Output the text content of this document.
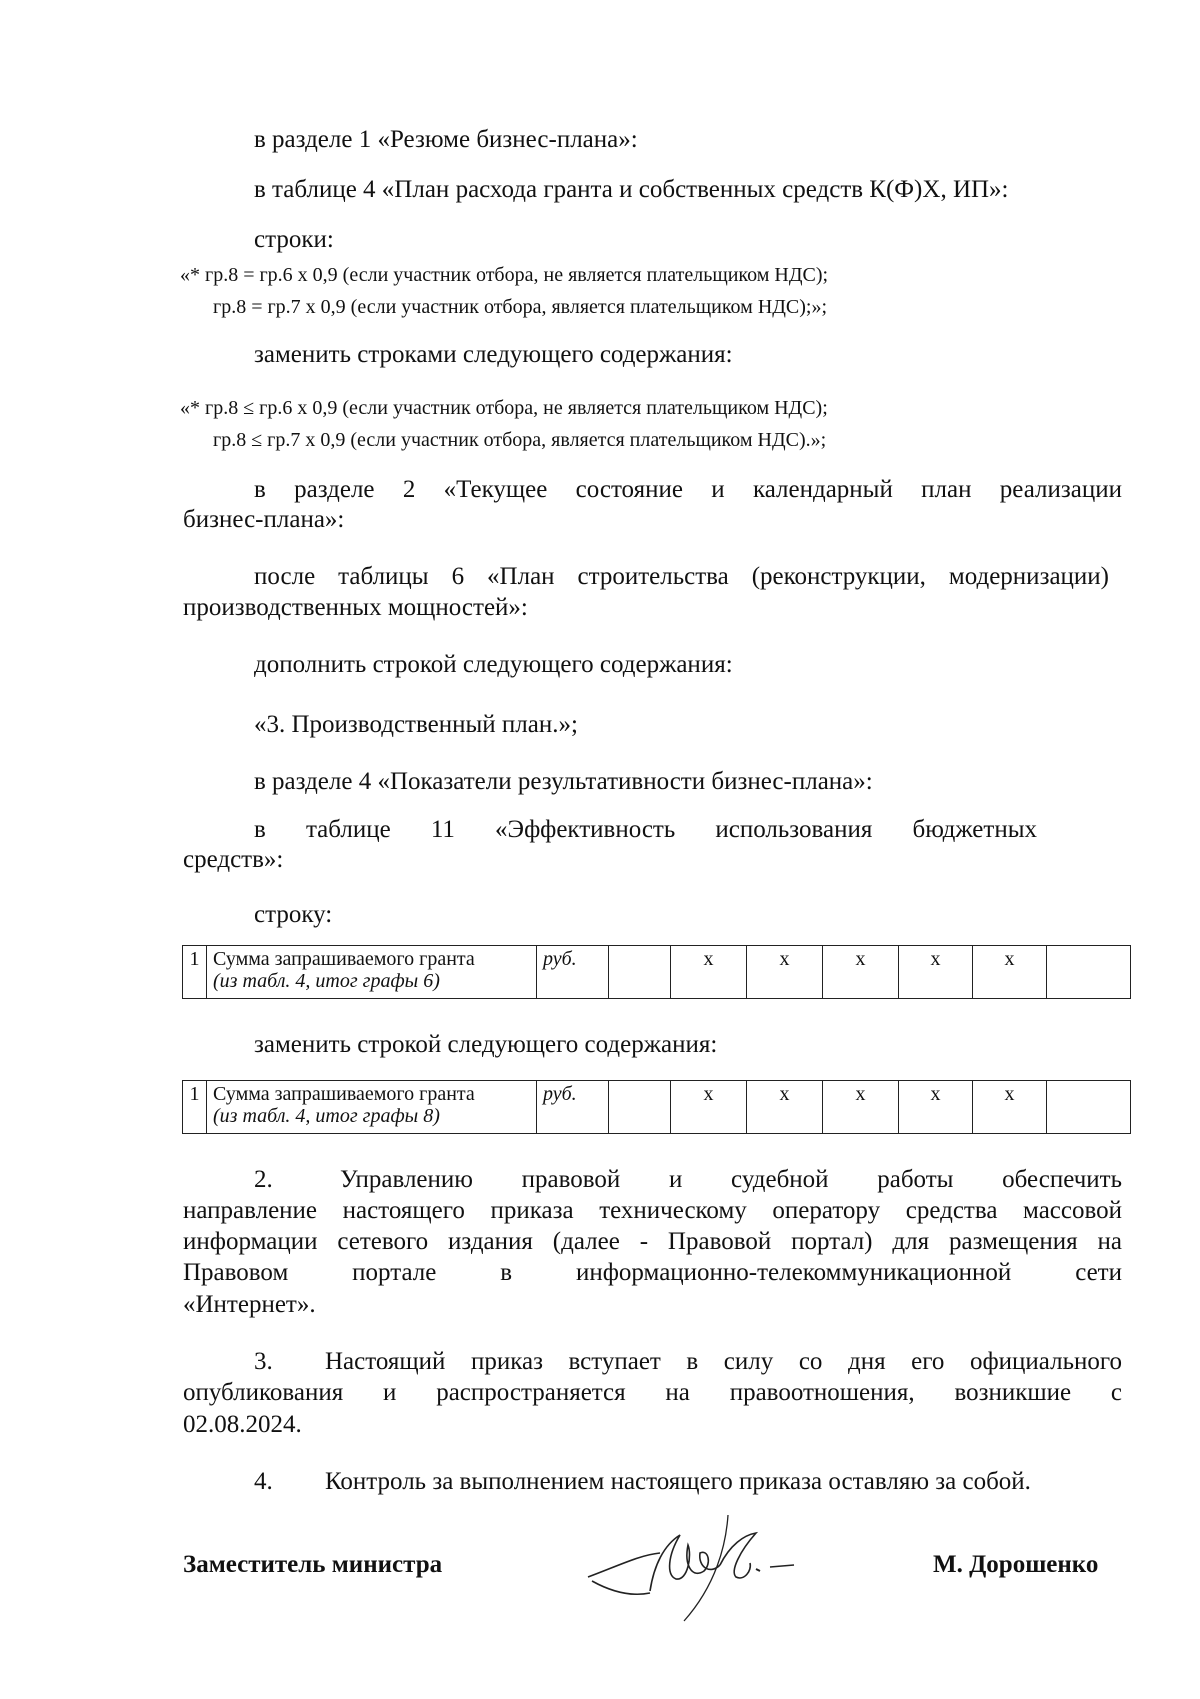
в разделе 1 «Резюме бизнес-плана»:

в таблице 4 «План расхода гранта и собственных средств К(Ф)Х, ИП»:

строки:

«* гр.8 = гр.6 х 0,9 (если участник отбора, не является плательщиком НДС);

гр.8 = гр.7 х 0,9 (если участник отбора, является плательщиком НДС);»;

заменить строками следующего содержания:

«* гр.8 ≤ гр.6 х 0,9 (если участник отбора, не является плательщиком НДС);

гр.8 ≤ гр.7 х 0,9 (если участник отбора, является плательщиком НДС).»;

в разделе 2 «Текущее состояние и календарный план реализации

бизнес-плана»:

после таблицы 6 «План строительства (реконструкции, модернизации)

производственных мощностей»:

дополнить строкой следующего содержания:

«3. Производственный план.»;

в разделе 4 «Показатели результативности бизнес-плана»:

в таблице 11 «Эффективность использования бюджетных

средств»:

строку:

1	Сумма запрашиваемого гранта
(из табл. 4, итог графы 6)
	руб.		х	х	х	х	х	

заменить строкой следующего содержания:

1	Сумма запрашиваемого гранта
(из табл. 4, итог графы 8)
	руб.		х	х	х	х	х	

2.	Управлению правовой и судебной работы обеспечить

направление настоящего приказа техническому оператору средства массовой

информации сетевого издания (далее - Правовой портал) для размещения на

Правовом портале в информационно-телекоммуникационной сети

«Интернет».

3. Настоящий приказ вступает в силу со дня его официального

опубликования и распространяется на правоотношения, возникшие с

02.08.2024.

4. Контроль за выполнением настоящего приказа оставляю за собой.

Заместитель министра	М. Дорошенко
